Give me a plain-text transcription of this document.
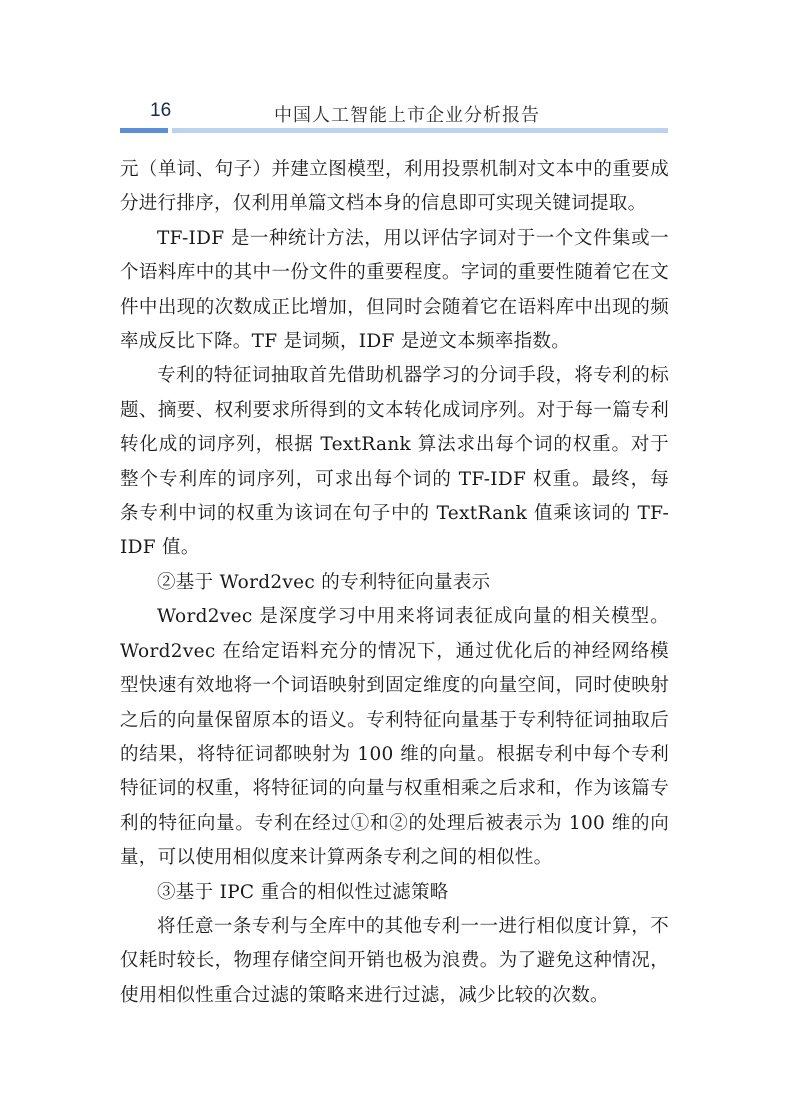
16	中国人工智能上市企业分析报告

元（单词、句子）并建立图模型，利用投票机制对文本中的重要成分进行排序，仅利用单篇文档本身的信息即可实现关键词提取。

TF-IDF 是一种统计方法，用以评估字词对于一个文件集或一个语料库中的其中一份文件的重要程度。字词的重要性随着它在文件中出现的次数成正比增加，但同时会随着它在语料库中出现的频率成反比下降。TF 是词频，IDF 是逆文本频率指数。

专利的特征词抽取首先借助机器学习的分词手段，将专利的标题、摘要、权利要求所得到的文本转化成词序列。对于每一篇专利转化成的词序列，根据 TextRank 算法求出每个词的权重。对于整个专利库的词序列，可求出每个词的 TF-IDF 权重。最终，每条专利中词的权重为该词在句子中的 TextRank 值乘该词的 TF-IDF 值。

②基于 Word2vec 的专利特征向量表示

Word2vec 是深度学习中用来将词表征成向量的相关模型。Word2vec 在给定语料充分的情况下，通过优化后的神经网络模型快速有效地将一个词语映射到固定维度的向量空间，同时使映射之后的向量保留原本的语义。专利特征向量基于专利特征词抽取后的结果，将特征词都映射为 100 维的向量。根据专利中每个专利特征词的权重，将特征词的向量与权重相乘之后求和，作为该篇专利的特征向量。专利在经过①和②的处理后被表示为 100 维的向量，可以使用相似度来计算两条专利之间的相似性。

③基于 IPC 重合的相似性过滤策略

将任意一条专利与全库中的其他专利一一进行相似度计算，不仅耗时较长，物理存储空间开销也极为浪费。为了避免这种情况，使用相似性重合过滤的策略来进行过滤，减少比较的次数。
